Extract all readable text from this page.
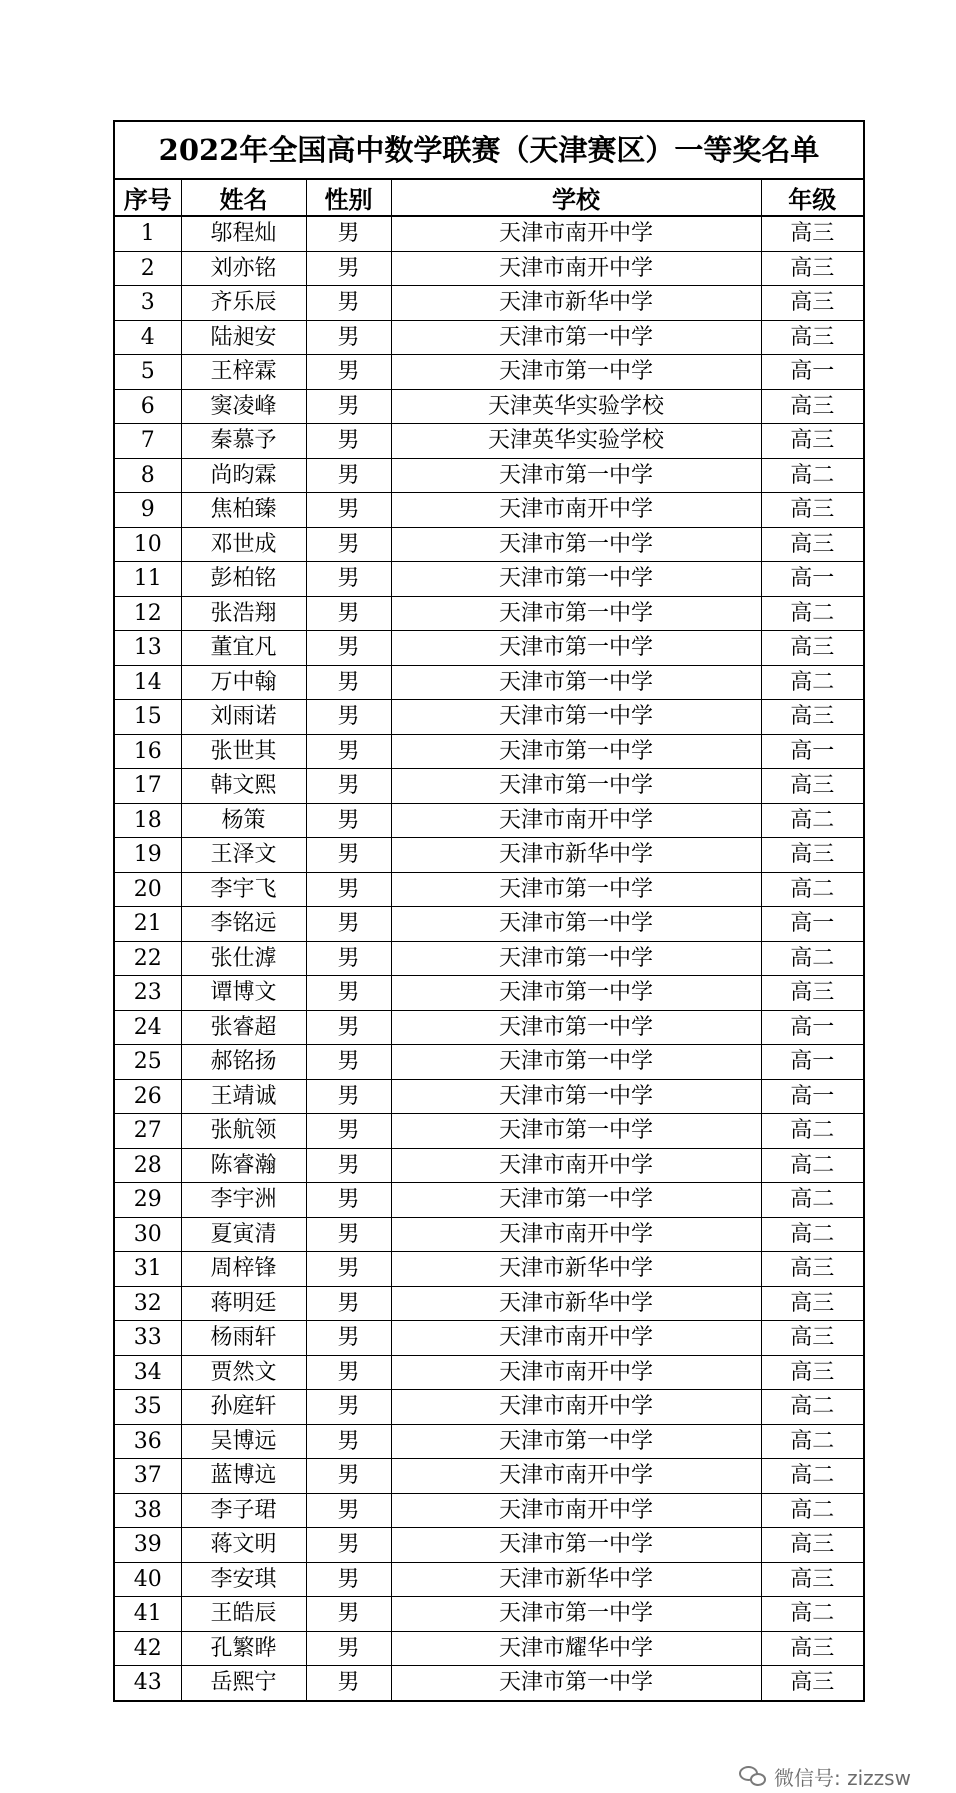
2022年全国高中数学联赛（天津赛区）一等奖名单
序号	姓名	性别	学校	年级
1	邬程灿	男	天津市南开中学	高三
2	刘亦铭	男	天津市南开中学	高三
3	齐乐辰	男	天津市新华中学	高三
4	陆昶安	男	天津市第一中学	高三
5	王梓霖	男	天津市第一中学	高一
6	窦凌峰	男	天津英华实验学校	高三
7	秦慕予	男	天津英华实验学校	高三
8	尚昀霖	男	天津市第一中学	高二
9	焦柏臻	男	天津市南开中学	高三
10	邓世成	男	天津市第一中学	高三
11	彭柏铭	男	天津市第一中学	高一
12	张浩翔	男	天津市第一中学	高二
13	董宜凡	男	天津市第一中学	高三
14	万中翰	男	天津市第一中学	高二
15	刘雨诺	男	天津市第一中学	高三
16	张世其	男	天津市第一中学	高一
17	韩文熙	男	天津市第一中学	高三
18	杨策	男	天津市南开中学	高二
19	王泽文	男	天津市新华中学	高三
20	李宇飞	男	天津市第一中学	高二
21	李铭远	男	天津市第一中学	高一
22	张仕滹	男	天津市第一中学	高二
23	谭博文	男	天津市第一中学	高三
24	张睿超	男	天津市第一中学	高一
25	郝铭扬	男	天津市第一中学	高一
26	王靖诚	男	天津市第一中学	高一
27	张航领	男	天津市第一中学	高二
28	陈睿瀚	男	天津市南开中学	高二
29	李宇洲	男	天津市第一中学	高二
30	夏寅清	男	天津市南开中学	高二
31	周梓锋	男	天津市新华中学	高三
32	蒋明廷	男	天津市新华中学	高三
33	杨雨轩	男	天津市南开中学	高三
34	贾然文	男	天津市南开中学	高三
35	孙庭轩	男	天津市南开中学	高二
36	吴博远	男	天津市第一中学	高二
37	蓝博迒	男	天津市南开中学	高二
38	李子珺	男	天津市南开中学	高二
39	蒋文明	男	天津市第一中学	高三
40	李安琪	男	天津市新华中学	高三
41	王皓辰	男	天津市第一中学	高二
42	孔繁晔	男	天津市耀华中学	高三
43	岳熙宁	男	天津市第一中学	高三
微信号: zizzsw
